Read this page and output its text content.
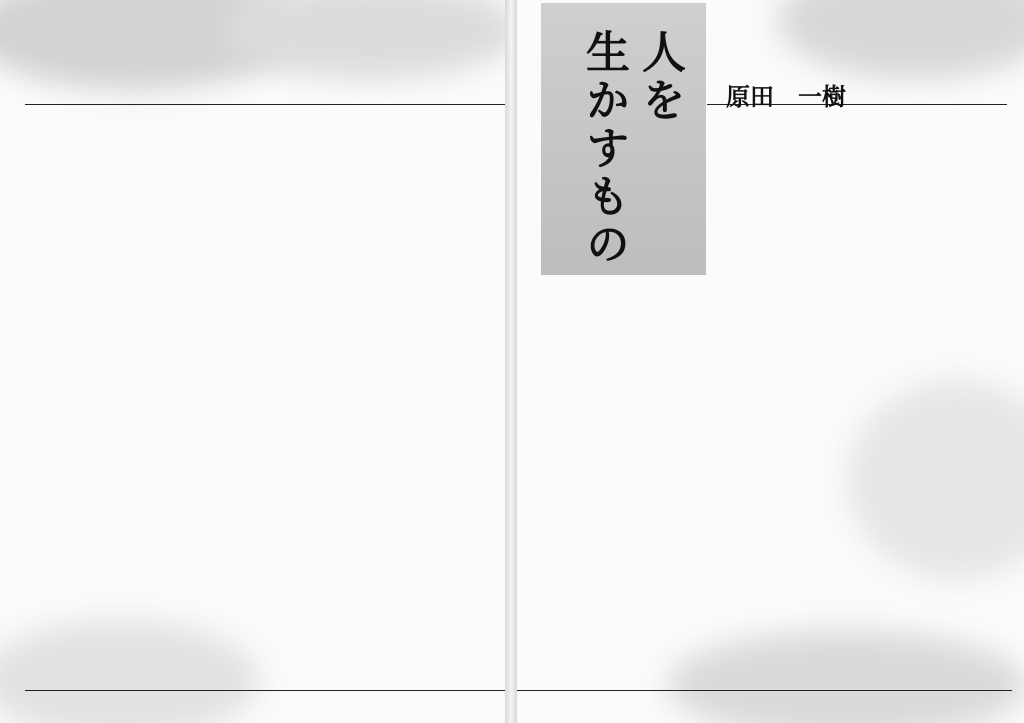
人を
生かすもの	原田　一樹
